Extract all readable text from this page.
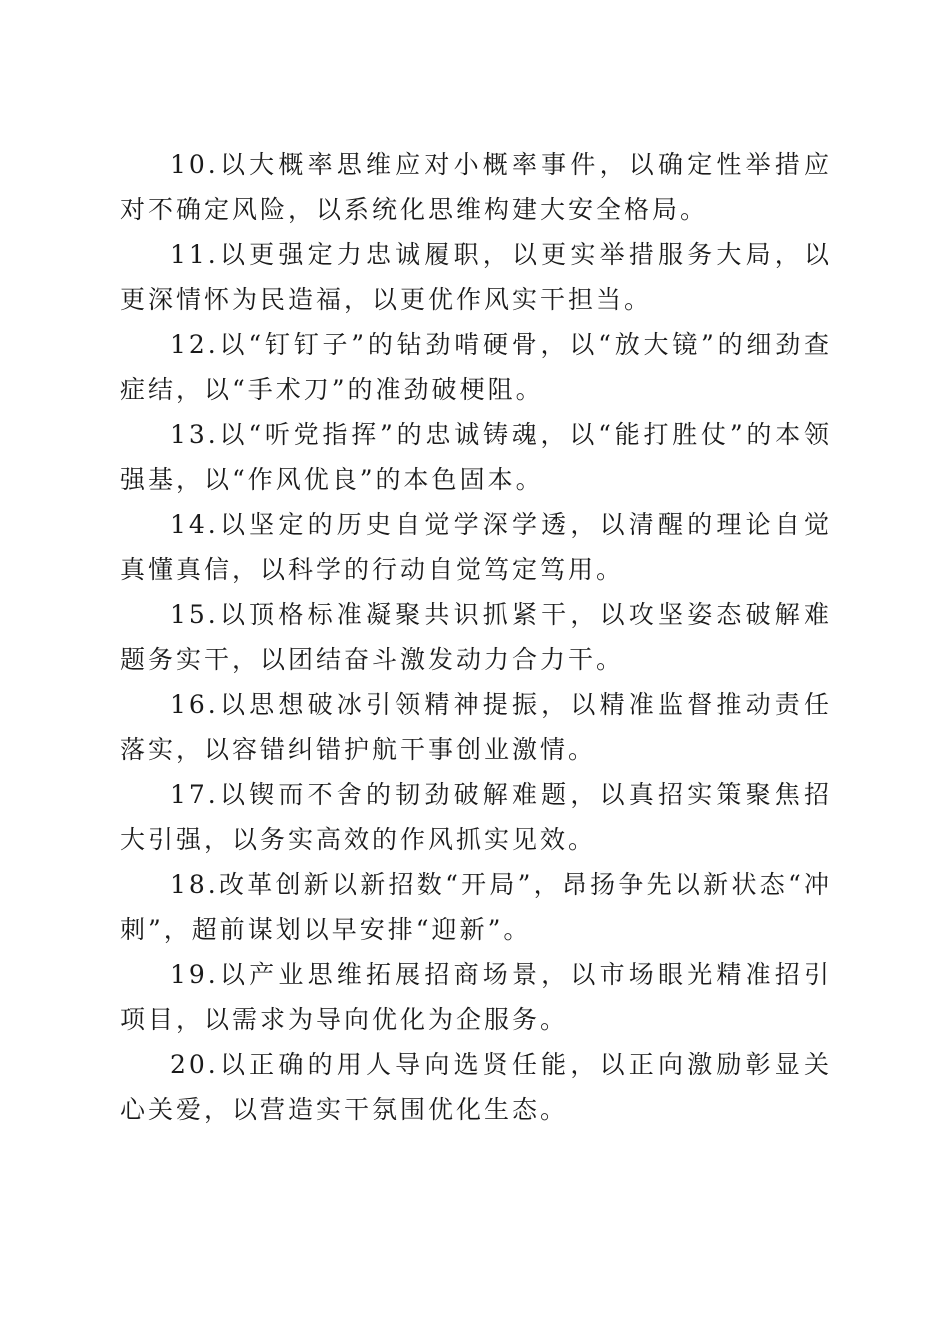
10.以大概率思维应对小概率事件，以确定性举措应对不确定风险，以系统化思维构建大安全格局。

11.以更强定力忠诚履职，以更实举措服务大局，以更深情怀为民造福，以更优作风实干担当。

12.以“钉钉子”的钻劲啃硬骨，以“放大镜”的细劲查症结，以“手术刀”的准劲破梗阻。

13.以“听党指挥”的忠诚铸魂，以“能打胜仗”的本领强基，以“作风优良”的本色固本。

14.以坚定的历史自觉学深学透，以清醒的理论自觉真懂真信，以科学的行动自觉笃定笃用。

15.以顶格标准凝聚共识抓紧干，以攻坚姿态破解难题务实干，以团结奋斗激发动力合力干。

16.以思想破冰引领精神提振，以精准监督推动责任落实，以容错纠错护航干事创业激情。

17.以锲而不舍的韧劲破解难题，以真招实策聚焦招大引强，以务实高效的作风抓实见效。

18.改革创新以新招数“开局”，昂扬争先以新状态“冲刺”，超前谋划以早安排“迎新”。

19.以产业思维拓展招商场景，以市场眼光精准招引项目，以需求为导向优化为企服务。

20.以正确的用人导向选贤任能，以正向激励彰显关心关爱，以营造实干氛围优化生态。
